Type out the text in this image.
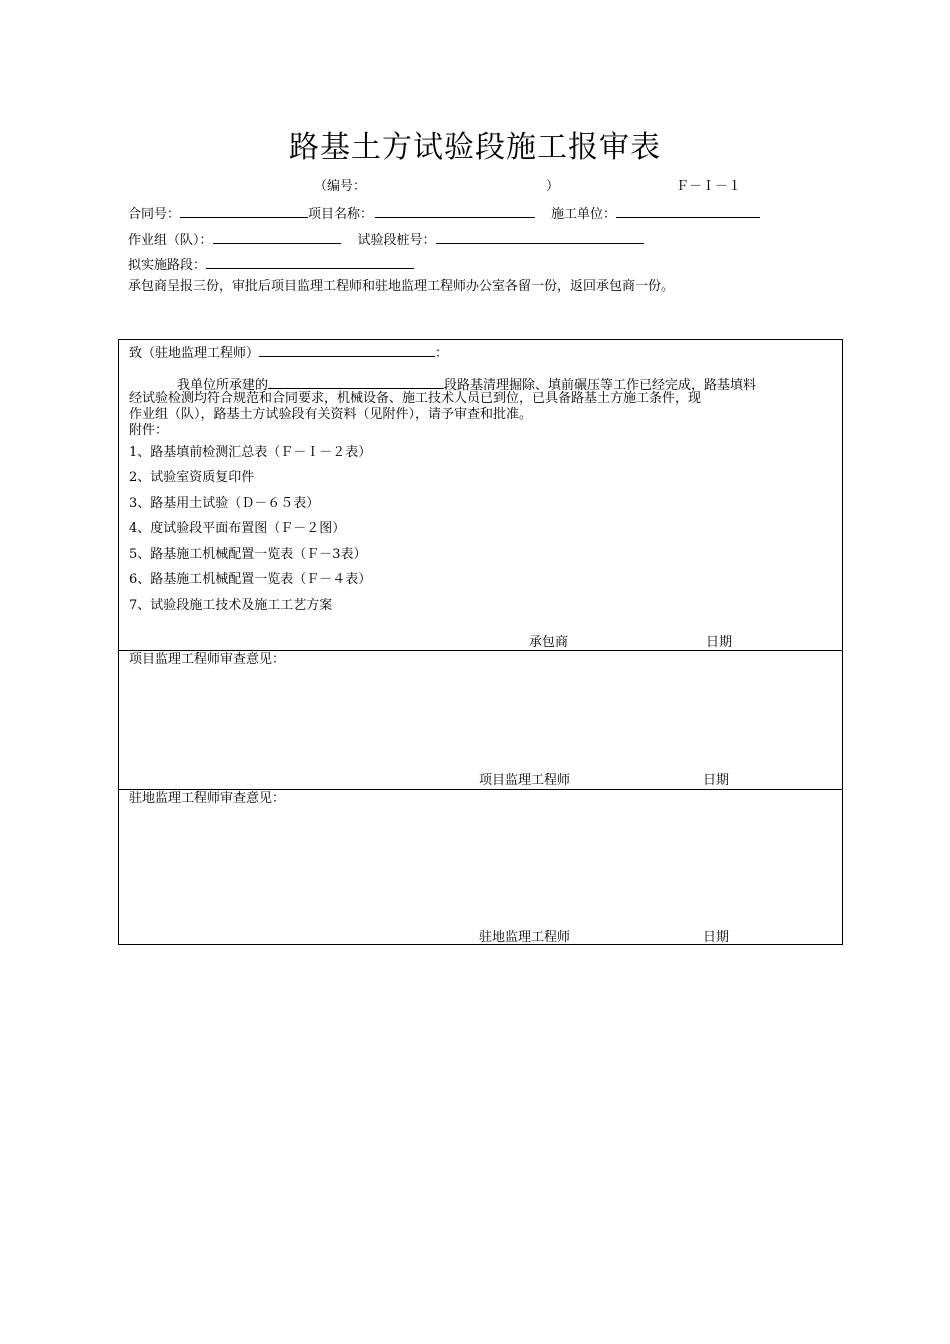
路基土方试验段施工报审表
（编号：	）	Ｆ－Ｉ－１
合同号：	项目名称：	施工单位：
作业组（队）：	试验段桩号：
拟实施路段：
承包商呈报三份，审批后项目监理工程师和驻地监理工程师办公室各留一份，返回承包商一份。
致（驻地监理工程师）	：
我单位所承建的	段路基清理掘除、填前碾压等工作已经完成，路基填料
经试验检测均符合规范和合同要求，机械设备、施工技术人员已到位，已具备路基土方施工条件，现
作业组（队），路基土方试验段有关资料（见附件），请予审查和批准。
附件：
1、路基填前检测汇总表（Ｆ－Ｉ－２表）
2、试验室资质复印件
3、路基用土试验（Ｄ－６５表）
4、度试验段平面布置图（Ｆ－２图）
5、路基施工机械配置一览表（Ｆ－3表）
6、路基施工机械配置一览表（Ｆ－４表）
7、试验段施工技术及施工工艺方案
承包商	日期
项目监理工程师审查意见：
项目监理工程师	日期
驻地监理工程师审查意见：
驻地监理工程师	日期
